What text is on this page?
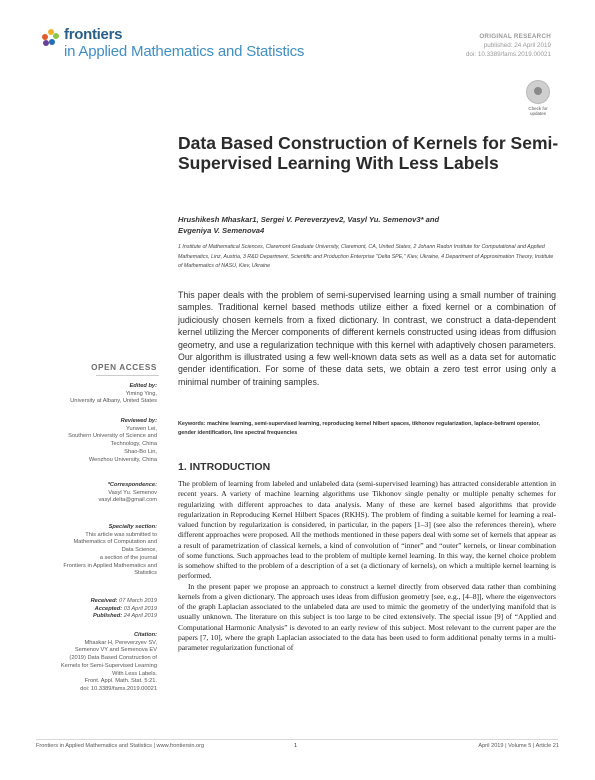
frontiers
in Applied Mathematics and Statistics
ORIGINAL RESEARCH
published: 24 April 2019
doi: 10.3389/fams.2019.00021
Check for
updates
Data Based Construction of Kernels for Semi-Supervised Learning With Less Labels
Hrushikesh Mhaskar1, Sergei V. Pereverzyev2, Vasyl Yu. Semenov3* and
Evgeniya V. Semenova4
1 Institute of Mathematical Sciences, Claremont Graduate University, Claremont, CA, United States, 2 Johann Radon Institute for Computational and Applied Mathematics, Linz, Austria, 3 R&D Department, Scientific and Production Enterprise "Delta SPE," Kiev, Ukraine, 4 Department of Approximation Theory, Institute of Mathematics of NASU, Kiev, Ukraine
This paper deals with the problem of semi-supervised learning using a small number of training samples. Traditional kernel based methods utilize either a fixed kernel or a combination of judiciously chosen kernels from a fixed dictionary. In contrast, we construct a data-dependent kernel utilizing the Mercer components of different kernels constructed using ideas from diffusion geometry, and use a regularization technique with this kernel with adaptively chosen parameters. Our algorithm is illustrated using a few well-known data sets as well as a data set for automatic gender identification. For some of these data sets, we obtain a zero test error using only a minimal number of training samples.
Keywords: machine learning, semi-supervised learning, reproducing kernel hilbert spaces, tikhonov regularization, laplace-beltrami operator, gender identification, line spectral frequencies
OPEN ACCESS
Edited by:
Yiming Ying,
University at Albany, United States
Reviewed by:
Yunwen Lei,
Southern University of Science and
Technology, China
Shao-Bo Lin,
Wenzhou University, China
*Correspondence:
Vasyl Yu. Semenov
vasyl.delta@gmail.com
Specialty section:
This article was submitted to
Mathematics of Computation and
Data Science,
a section of the journal
Frontiers in Applied Mathematics and
Statistics
Received: 07 March 2019
Accepted: 03 April 2019
Published: 24 April 2019
Citation:
Mhaskar H, Pereverzyev SV,
Semenov VY and Semenova EV
(2019) Data Based Construction of
Kernels for Semi-Supervised Learning
With Less Labels.
Front. Appl. Math. Stat. 5:21.
doi: 10.3389/fams.2019.00021
1. INTRODUCTION

The problem of learning from labeled and unlabeled data (semi-supervised learning) has attracted considerable attention in recent years. A variety of machine learning algorithms use Tikhonov single penalty or multiple penalty schemes for regularizing with different approaches to data analysis. Many of these are kernel based algorithms that provide regularization in Reproducing Kernel Hilbert Spaces (RKHS). The problem of finding a suitable kernel for learning a real-valued function by regularization is considered, in particular, in the papers [1–3] (see also the references therein), where different approaches were proposed. All the methods mentioned in these papers deal with some set of kernels that appear as a result of parametrization of classical kernels, a kind of convolution of “inner” and “outer” kernels, or linear combination of some functions. Such approaches lead to the problem of multiple kernel learning. In this way, the kernel choice problem is somehow shifted to the problem of a description of a set (a dictionary of kernels), on which a multiple kernel learning is performed.

In the present paper we propose an approach to construct a kernel directly from observed data rather than combining kernels from a given dictionary. The approach uses ideas from diffusion geometry [see, e.g., [4–8]], where the eigenvectors of the graph Laplacian associated to the unlabeled data are used to mimic the geometry of the underlying manifold that is usually unknown. The literature on this subject is too large to be cited extensively. The special issue [9] of “Applied and Computational Harmonic Analysis” is devoted to an early review of this subject. Most relevant to the current paper are the papers [7, 10], where the graph Laplacian associated to the data has been used to form additional penalty terms in a multi-parameter regularization functional of

Frontiers in Applied Mathematics and Statistics | www.frontiersin.org	1	April 2019 | Volume 5 | Article 21
